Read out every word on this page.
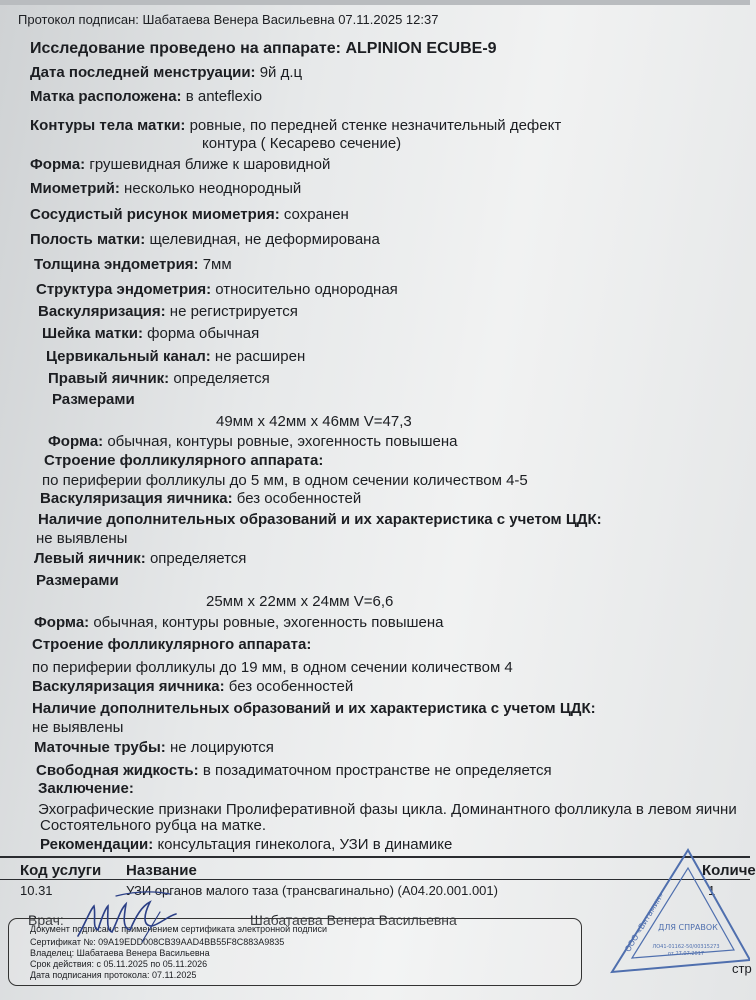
Протокол подписан: Шабатаева Венера Васильевна 07.11.2025 12:37
Исследование проведено на аппарате: ALPINION ECUBE-9
Дата последней менструации: 9й д.ц
Матка расположена: в anteflexio
Контуры тела матки: ровные, по передней стенке незначительный дефект
контура ( Кесарево сечение)
Форма: грушевидная ближе к шаровидной
Миометрий: несколько неоднородный
Сосудистый рисунок миометрия: сохранен
Полость матки: щелевидная, не деформирована
Толщина эндометрия: 7мм
Структура эндометрия: относительно однородная
Васкуляризация: не регистрируется
Шейка матки: форма обычная
Цервикальный канал: не расширен
Правый яичник: определяется
Размерами
49мм x 42мм x 46мм V=47,3
Форма: обычная, контуры ровные, эхогенность повышена
Строение фолликулярного аппарата:
по периферии фолликулы до 5 мм, в одном сечении количеством 4-5
Васкуляризация яичника: без особенностей
Наличие дополнительных образований и их характеристика с учетом ЦДК:
не выявлены
Левый яичник: определяется
Размерами
25мм x 22мм x 24мм V=6,6
Форма: обычная, контуры ровные, эхогенность повышена
Строение фолликулярного аппарата:
по периферии фолликулы до 19 мм, в одном сечении количеством 4
Васкуляризация яичника: без особенностей
Наличие дополнительных образований и их характеристика с учетом ЦДК:
не выявлены
Маточные трубы: не лоцируются
Свободная жидкость: в позадиматочном пространстве не определяется
Заключение:
Эхографические признаки Пролиферативной фазы цикла. Доминантного фолликула в левом яични
Состоятельного рубца на матке.
Рекомендации: консультация гинеколога, УЗИ в динамике
Код услуги Название	Количе
10.31	УЗИ органов малого таза (трансвагинально) (A04.20.001.001)	1
Врач:	Шабатаева Венера Васильевна
Документ подписан с применением сертификата электронной подписи
Сертификат №: 09A19EDD008CB39AAD4BB55F8C883A9835
Владелец: Шабатаева Венера Васильевна
Срок действия: с 05.11.2025 по 05.11.2026
Дата подписания протокола: 07.11.2025
ООО «Витамин»
ДЛЯ СПРАВОК
ЛО41-01162-50/00315273
от 27.07.2017
стр
